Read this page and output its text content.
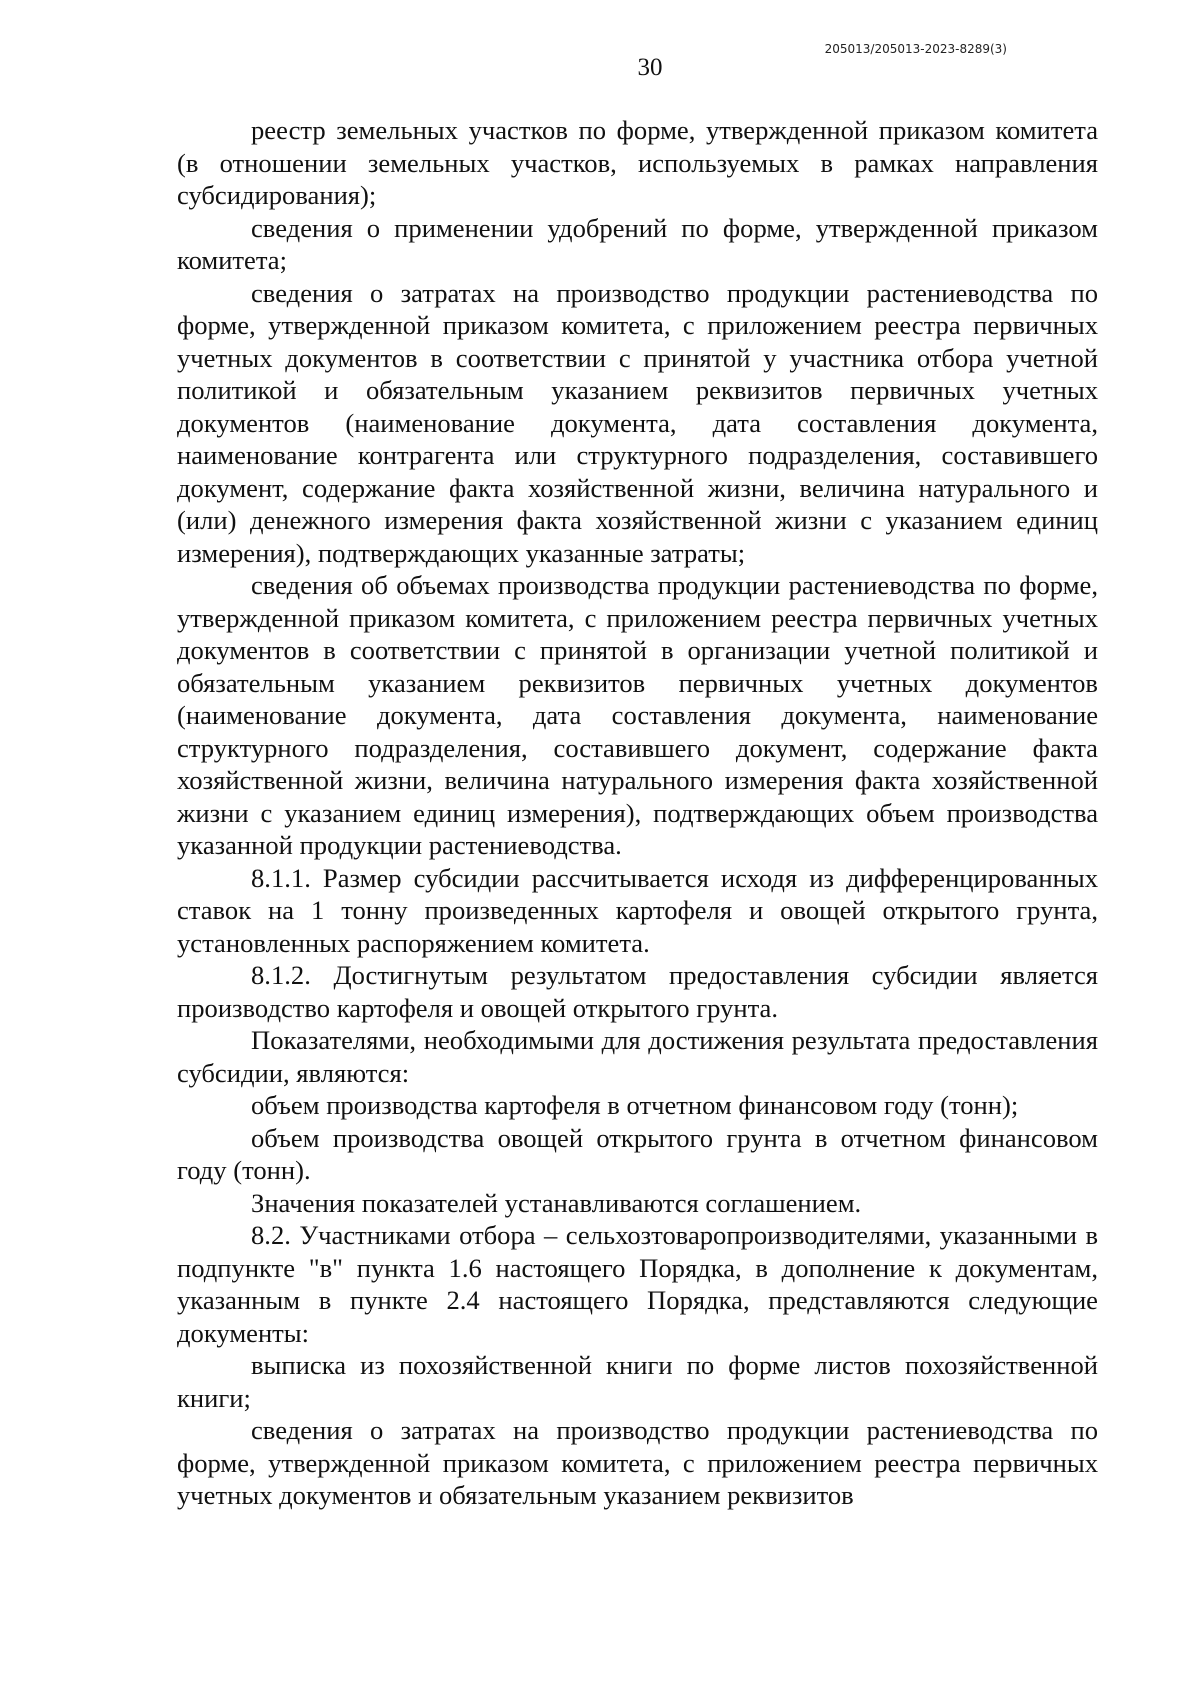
205013/205013-2023-8289(3)
30

реестр земельных участков по форме, утвержденной приказом комитета (в отношении земельных участков, используемых в рамках направления субсидирования);

сведения о применении удобрений по форме, утвержденной приказом комитета;

сведения о затратах на производство продукции растениеводства по форме, утвержденной приказом комитета, с приложением реестра первичных учетных документов в соответствии с принятой у участника отбора учетной политикой и обязательным указанием реквизитов первичных учетных документов (наименование документа, дата составления документа, наименование контрагента или структурного подразделения, составившего документ, содержание факта хозяйственной жизни, величина натурального и (или) денежного измерения факта хозяйственной жизни с указанием единиц измерения), подтверждающих указанные затраты;

сведения об объемах производства продукции растениеводства по форме, утвержденной приказом комитета, с приложением реестра первичных учетных документов в соответствии с принятой в организации учетной политикой и обязательным указанием реквизитов первичных учетных документов (наименование документа, дата составления документа, наименование структурного подразделения, составившего документ, содержание факта хозяйственной жизни, величина натурального измерения факта хозяйственной жизни с указанием единиц измерения), подтверждающих объем производства указанной продукции растениеводства.

8.1.1. Размер субсидии рассчитывается исходя из дифференцированных ставок на 1 тонну произведенных картофеля и овощей открытого грунта, установленных распоряжением комитета.

8.1.2. Достигнутым результатом предоставления субсидии является производство картофеля и овощей открытого грунта.

Показателями, необходимыми для достижения результата предоставления субсидии, являются:

объем производства картофеля в отчетном финансовом году (тонн);

объем производства овощей открытого грунта в отчетном финансовом году (тонн).

Значения показателей устанавливаются соглашением.

8.2. Участниками отбора – сельхозтоваропроизводителями, указанными в подпункте "в" пункта 1.6 настоящего Порядка, в дополнение к документам, указанным в пункте 2.4 настоящего Порядка, представляются следующие документы:

выписка из похозяйственной книги по форме листов похозяйственной книги;

сведения о затратах на производство продукции растениеводства по форме, утвержденной приказом комитета, с приложением реестра первичных учетных документов и обязательным указанием реквизитов
